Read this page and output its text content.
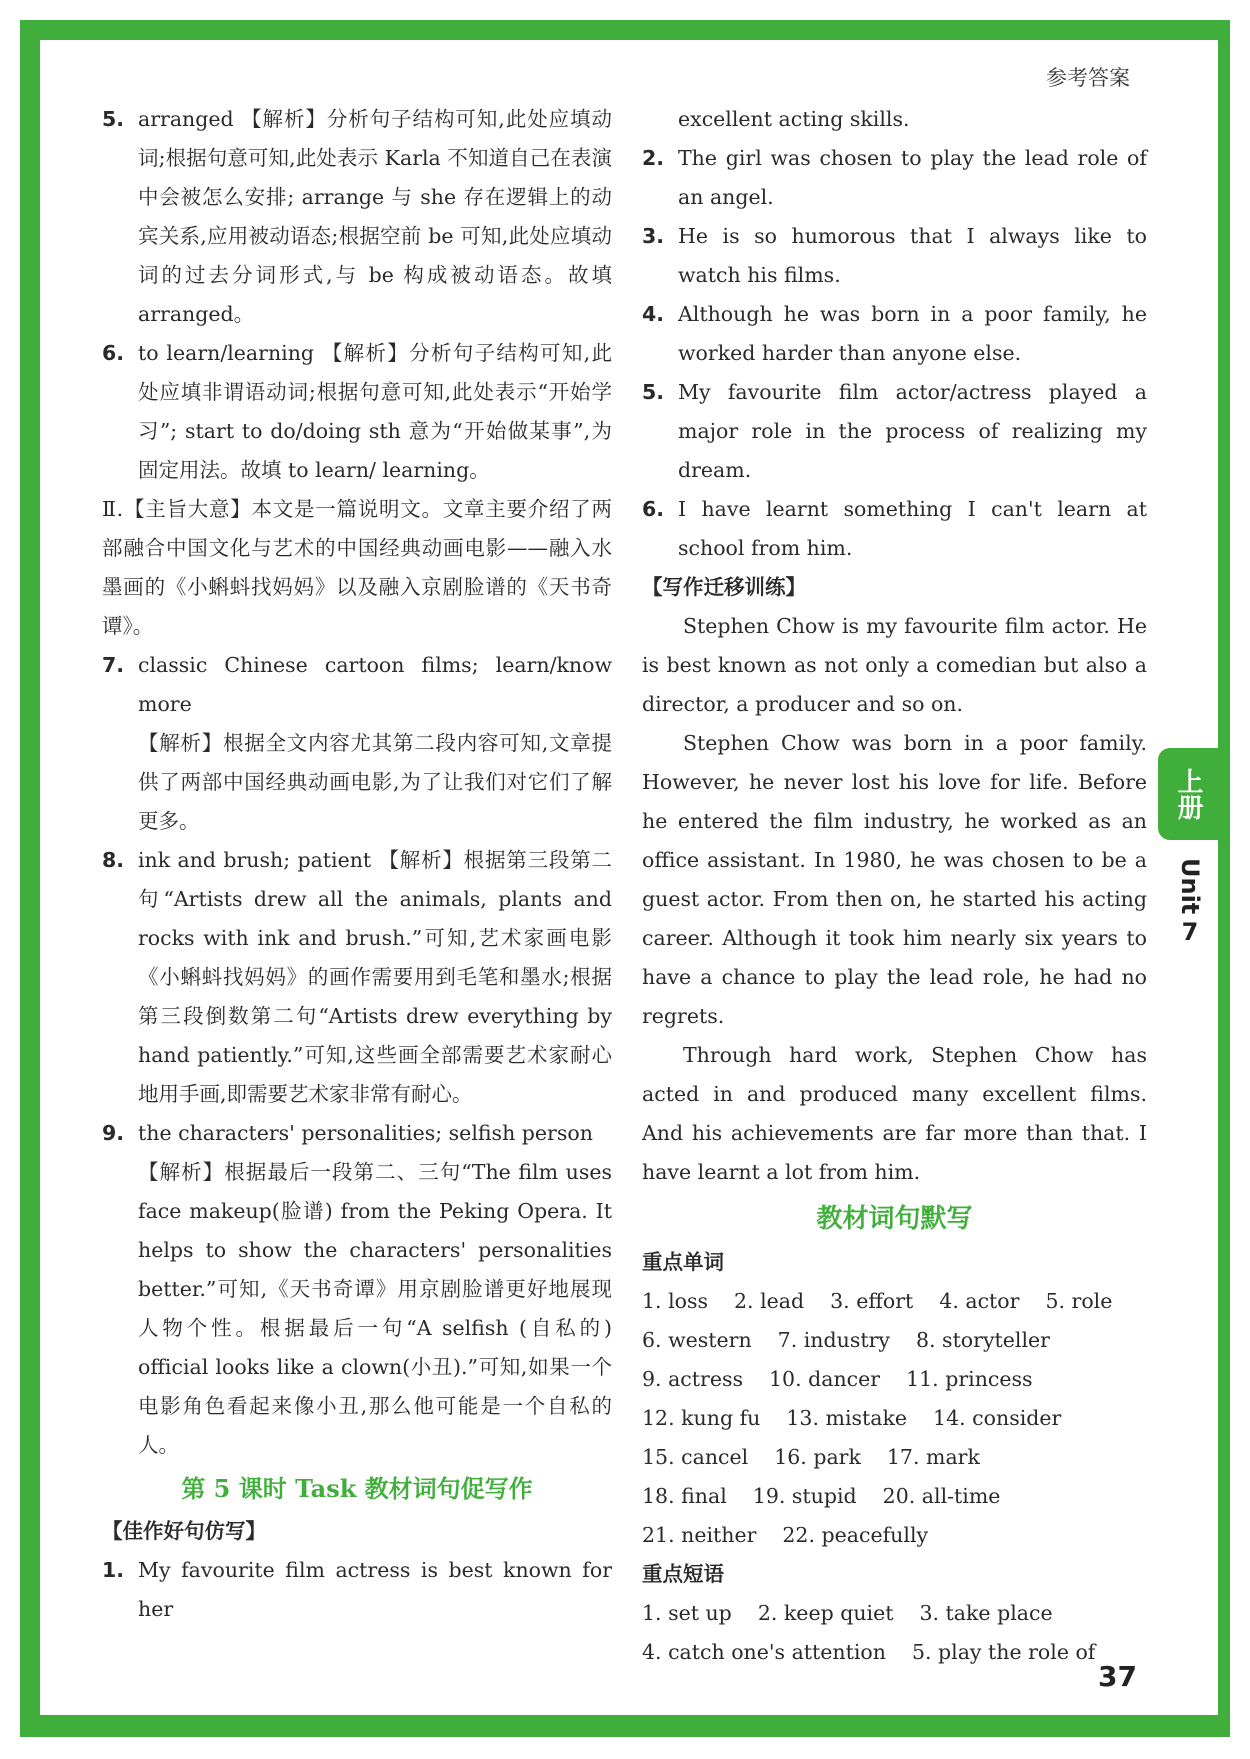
参考答案
5. arranged 【解析】分析句子结构可知,此处应填动词;根据句意可知,此处表示 Karla 不知道自己在表演中会被怎么安排; arrange 与 she 存在逻辑上的动宾关系,应用被动语态;根据空前 be 可知,此处应填动词的过去分词形式,与 be 构成被动语态。故填 arranged。
6. to learn/learning 【解析】分析句子结构可知,此处应填非谓语动词;根据句意可知,此处表示“开始学习”; start to do/doing sth 意为“开始做某事”,为固定用法。故填 to learn/ learning。
Ⅱ.【主旨大意】本文是一篇说明文。文章主要介绍了两部融合中国文化与艺术的中国经典动画电影——融入水墨画的《小蝌蚪找妈妈》以及融入京剧脸谱的《天书奇谭》。
7. classic Chinese cartoon films; learn/know more
【解析】根据全文内容尤其第二段内容可知,文章提供了两部中国经典动画电影,为了让我们对它们了解更多。
8. ink and brush; patient 【解析】根据第三段第二句“Artists drew all the animals, plants and rocks with ink and brush.”可知,艺术家画电影《小蝌蚪找妈妈》的画作需要用到毛笔和墨水;根据第三段倒数第二句“Artists drew everything by hand patiently.”可知,这些画全部需要艺术家耐心地用手画,即需要艺术家非常有耐心。
9. the characters' personalities; selfish person
【解析】根据最后一段第二、三句“The film uses face makeup(脸谱) from the Peking Opera. It helps to show the characters' personalities better.”可知,《天书奇谭》用京剧脸谱更好地展现人物个性。根据最后一句“A selfish (自私的) official looks like a clown(小丑).”可知,如果一个电影角色看起来像小丑,那么他可能是一个自私的人。
第 5 课时 Task 教材词句促写作
【佳作好句仿写】
1. My favourite film actress is best known for her
excellent acting skills.
2. The girl was chosen to play the lead role of an angel.
3. He is so humorous that I always like to watch his films.
4. Although he was born in a poor family, he worked harder than anyone else.
5. My favourite film actor/actress played a major role in the process of realizing my dream.
6. I have learnt something I can't learn at school from him.
【写作迁移训练】
Stephen Chow is my favourite film actor. He is best known as not only a comedian but also a director, a producer and so on.
Stephen Chow was born in a poor family. However, he never lost his love for life. Before he entered the film industry, he worked as an office assistant. In 1980, he was chosen to be a guest actor. From then on, he started his acting career. Although it took him nearly six years to have a chance to play the lead role, he had no regrets.
Through hard work, Stephen Chow has acted in and produced many excellent films. And his achievements are far more than that. I have learnt a lot from him.
教材词句默写
重点单词
1. loss 2. lead 3. effort 4. actor 5. role
6. western 7. industry 8. storyteller
9. actress 10. dancer 11. princess
12. kung fu 13. mistake 14. consider
15. cancel 16. park 17. mark
18. final 19. stupid 20. all-time
21. neither 22. peacefully
重点短语
1. set up 2. keep quiet 3. take place
4. catch one's attention 5. play the role of
上册
Unit
7
37
